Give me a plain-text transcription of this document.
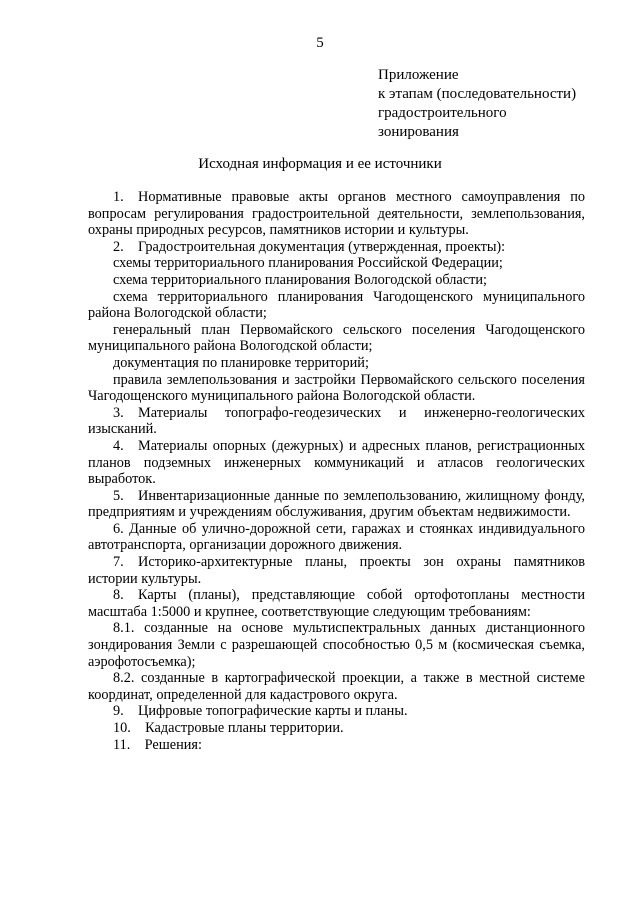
5
Приложение
к этапам (последовательности)
градостроительного
зонирования
Исходная информация и ее источники

1. Нормативные правовые акты органов местного самоуправления по вопросам регулирования градостроительной деятельности, землепользования, охраны природных ресурсов, памятников истории и культуры.

2. Градостроительная документация (утвержденная, проекты):

схемы территориального планирования Российской Федерации;

схема территориального планирования Вологодской области;

схема территориального планирования Чагодощенского муниципального района Вологодской области;

генеральный план Первомайского сельского поселения Чагодощенского муниципального района Вологодской области;

документация по планировке территорий;

правила землепользования и застройки Первомайского сельского поселения Чагодощенского муниципального района Вологодской области.

3. Материалы топографо-геодезических и инженерно-геологических изысканий.

4. Материалы опорных (дежурных) и адресных планов, регистрационных планов подземных инженерных коммуникаций и атласов геологических выработок.

5. Инвентаризационные данные по землепользованию, жилищному фонду, предприятиям и учреждениям обслуживания, другим объектам недвижимости.

6. Данные об улично-дорожной сети, гаражах и стоянках индивидуального автотранспорта, организации дорожного движения.

7. Историко-архитектурные планы, проекты зон охраны памятников истории культуры.

8. Карты (планы), представляющие собой ортофотопланы местности масштаба 1:5000 и крупнее, соответствующие следующим требованиям:

8.1. созданные на основе мультиспектральных данных дистанционного зондирования Земли с разрешающей способностью 0,5 м (космическая съемка, аэрофотосъемка);

8.2. созданные в картографической проекции, а также в местной системе координат, определенной для кадастрового округа.

9. Цифровые топографические карты и планы.

10. Кадастровые планы территории.

11. Решения:
